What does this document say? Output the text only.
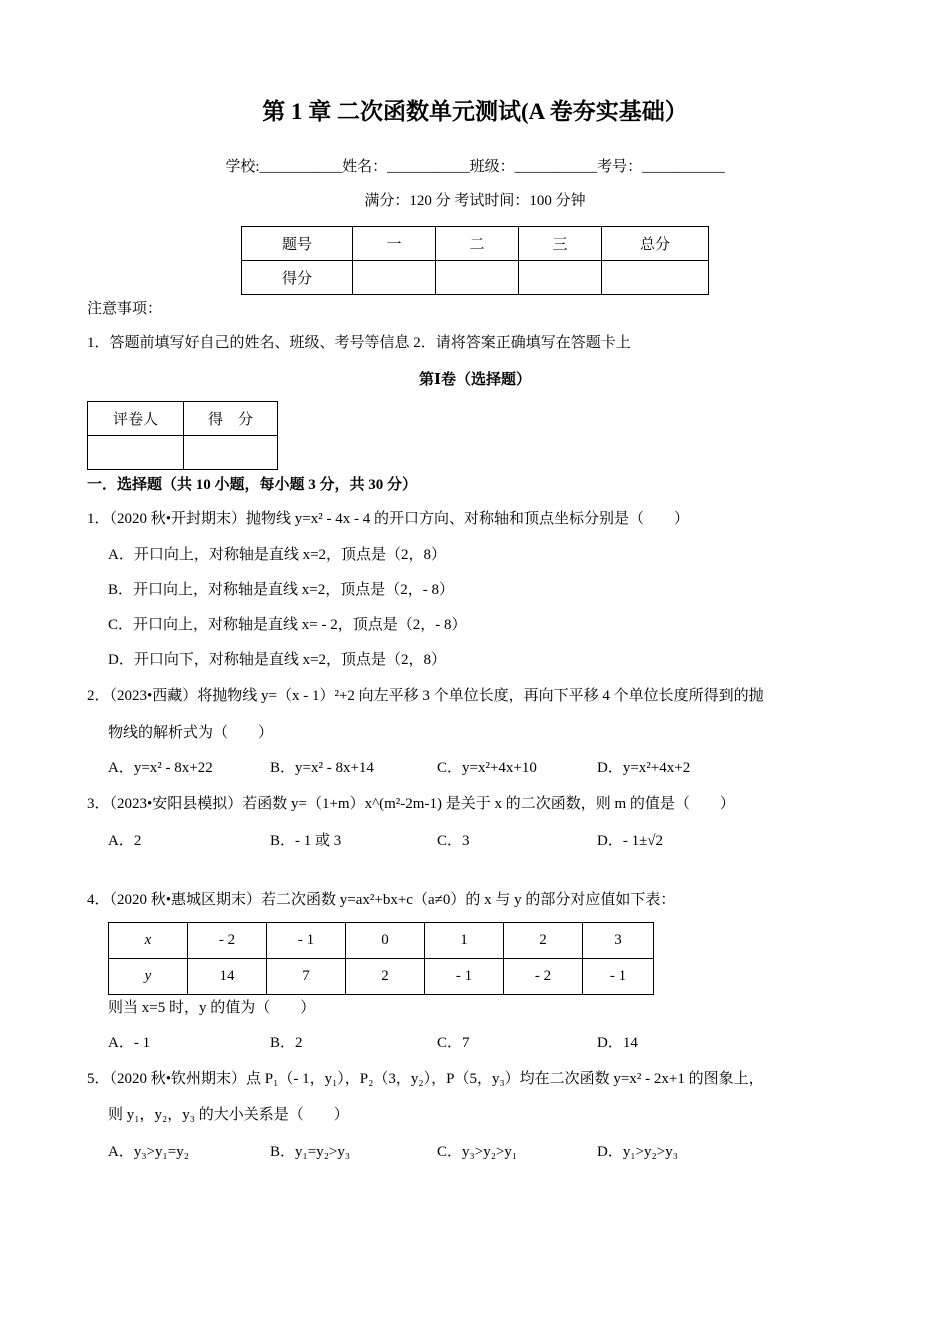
第 1 章 二次函数单元测试(A 卷夯实基础）
学校:___________姓名：___________班级：___________考号：___________
满分：120 分 考试时间：100 分钟
题号	一	二	三	总分
得分				
注意事项：
1．答题前填写好自己的姓名、班级、考号等信息 2．请将答案正确填写在答题卡上
第Ⅰ卷（选择题）
评卷人	得　分

一．选择题（共 10 小题，每小题 3 分，共 30 分）
1．（2020 秋•开封期末）抛物线 y=x² - 4x - 4 的开口方向、对称轴和顶点坐标分别是（　　）
A．开口向上，对称轴是直线 x=2，顶点是（2，8）
B．开口向上，对称轴是直线 x=2，顶点是（2，- 8）
C．开口向上，对称轴是直线 x= - 2，顶点是（2，- 8）
D．开口向下，对称轴是直线 x=2，顶点是（2，8）
2．（2023•西藏）将抛物线 y=（x - 1）²+2 向左平移 3 个单位长度，再向下平移 4 个单位长度所得到的抛
物线的解析式为（　　）
A．y=x² - 8x+22	B．y=x² - 8x+14	C．y=x²+4x+10	D．y=x²+4x+2
3．（2023•安阳县模拟）若函数 y=（1+m）x^(m²-2m-1) 是关于 x 的二次函数，则 m 的值是（　　）
A．2	B．- 1 或 3	C．3	D．- 1±√2
4．（2020 秋•惠城区期末）若二次函数 y=ax²+bx+c（a≠0）的 x 与 y 的部分对应值如下表：
x	- 2	- 1	0	1	2	3
y	14	7	2	- 1	- 2	- 1
则当 x=5 时，y 的值为（　　）
A．- 1	B．2	C．7	D．14
5．（2020 秋•钦州期末）点 P₁（- 1，y₁），P₂（3，y₂），P（5，y₃）均在二次函数 y=x² - 2x+1 的图象上，
则 y₁，y₂，y₃ 的大小关系是（　　）
A．y₃>y₁=y₂	B．y₁=y₂>y₃	C．y₃>y₂>y₁	D．y₁>y₂>y₃
